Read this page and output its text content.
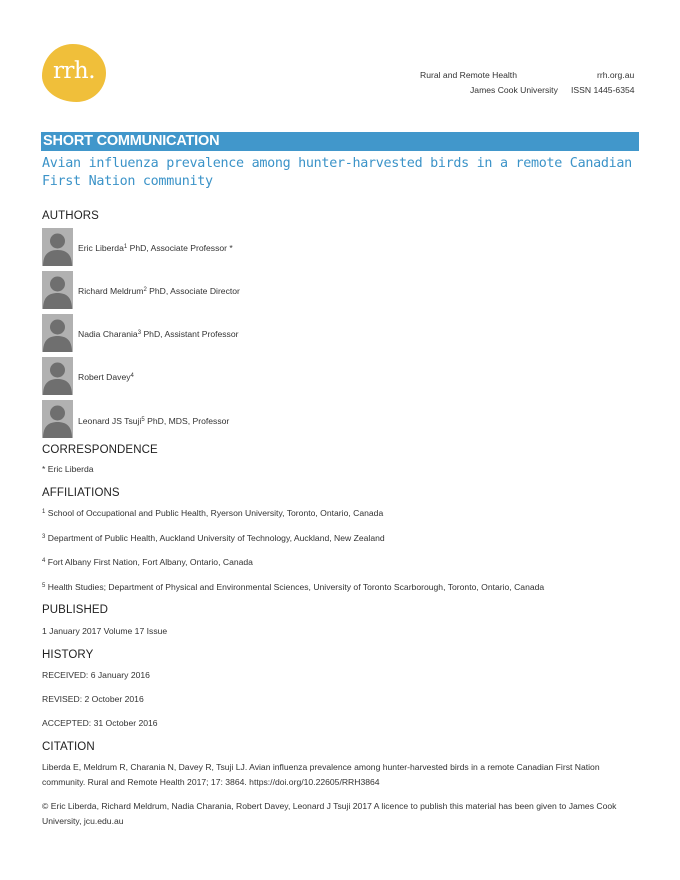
rrh.	Rural and Remote Health	rrh.org.au
James Cook University ISSN 1445-6354
SHORT COMMUNICATION
Avian influenza prevalence among hunter-harvested birds in a remote Canadian First Nation community
AUTHORS
Eric Liberda$^1$ PhD, Associate Professor *
Richard Meldrum$^2$ PhD, Associate Director
Nadia Charania$^3$ PhD, Assistant Professor
Robert Davey$^4$
Leonard JS Tsuji$^5$ PhD, MDS, Professor
CORRESPONDENCE
* Eric Liberda
AFFILIATIONS
$^1$ School of Occupational and Public Health, Ryerson University, Toronto, Ontario, Canada
$^3$ Department of Public Health, Auckland University of Technology, Auckland, New Zealand
$^4$ Fort Albany First Nation, Fort Albany, Ontario, Canada
$^5$ Health Studies; Department of Physical and Environmental Sciences, University of Toronto Scarborough, Toronto, Ontario, Canada
PUBLISHED
1 January 2017 Volume 17 Issue
HISTORY
RECEIVED: 6 January 2016
REVISED: 2 October 2016
ACCEPTED: 31 October 2016
CITATION
Liberda E, Meldrum R, Charania N, Davey R, Tsuji LJ. Avian influenza prevalence among hunter-harvested birds in a remote Canadian First Nation community. Rural and Remote Health 2017; 17: 3864. https://doi.org/10.22605/RRH3864
© Eric Liberda, Richard Meldrum, Nadia Charania, Robert Davey, Leonard J Tsuji 2017 A licence to publish this material has been given to James Cook University, jcu.edu.au
